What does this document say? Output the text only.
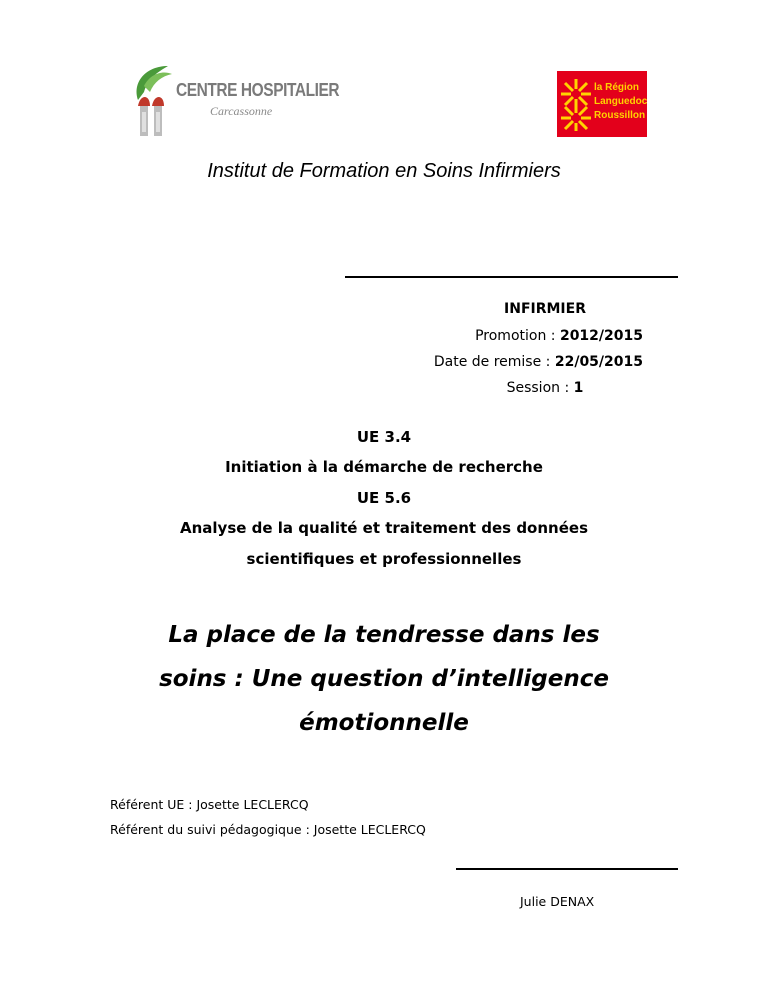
CENTRE HOSPITALIER
Carcassonne
la Région
Languedoc
Roussillon
Institut de Formation en Soins Infirmiers
INFIRMIER
Promotion : 2012/2015
Date de remise : 22/05/2015
Session : 1
UE 3.4
Initiation à la démarche de recherche
UE 5.6
Analyse de la qualité et traitement des données
scientifiques et professionnelles
La place de la tendresse dans les
soins : Une question d’intelligence
émotionnelle
Référent UE : Josette LECLERCQ
Référent du suivi pédagogique : Josette LECLERCQ
Julie DENAX
